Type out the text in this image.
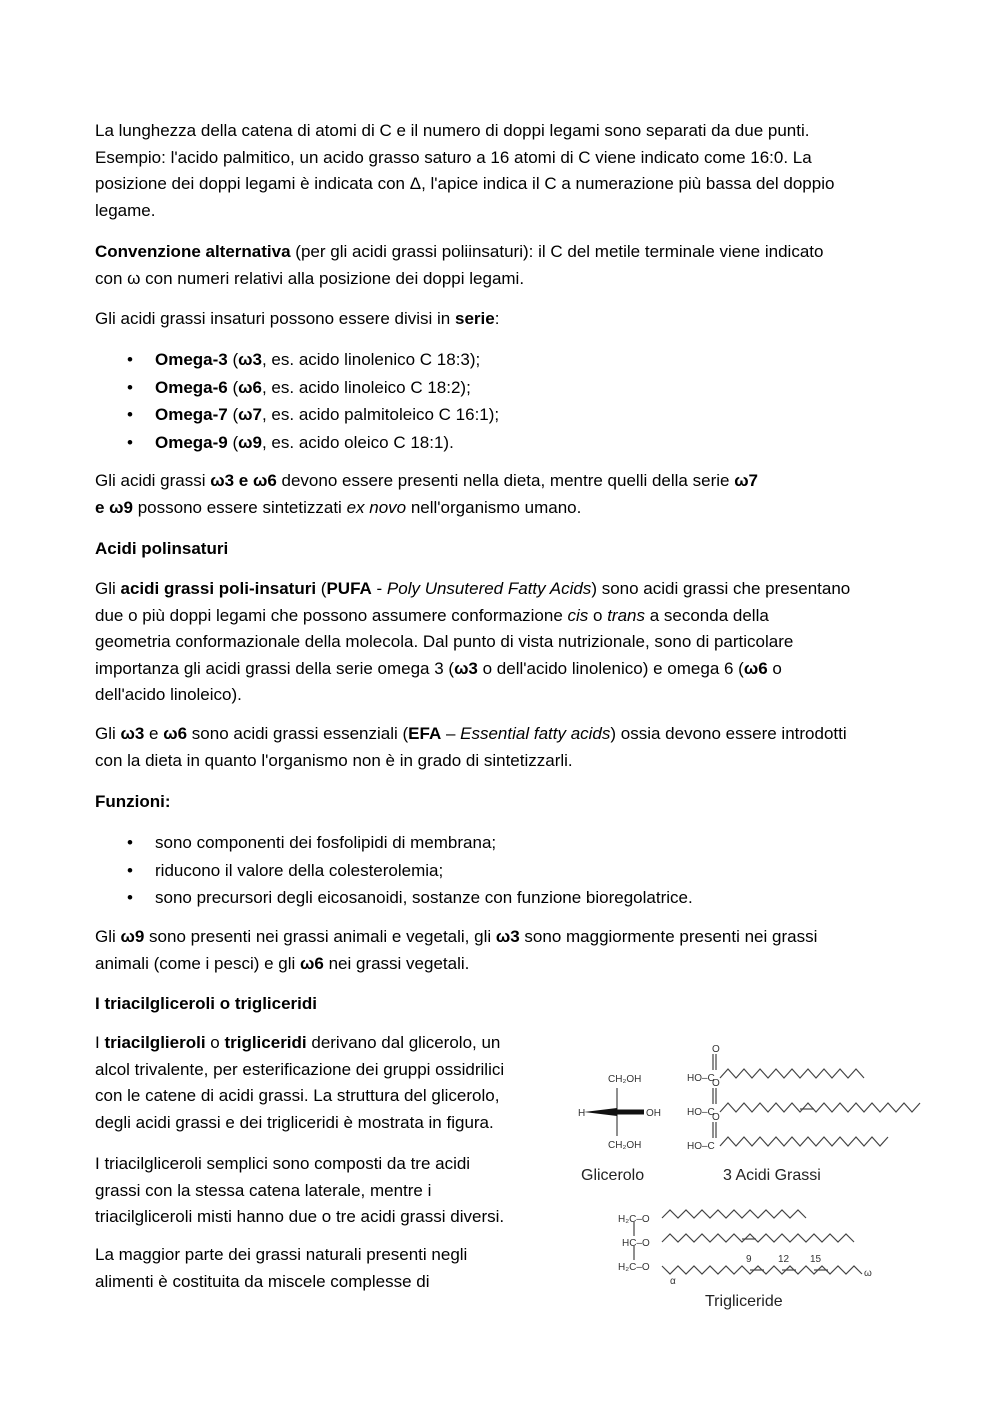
La lunghezza della catena di atomi di C e il numero di doppi legami sono separati da due punti.
Esempio: l'acido palmitico, un acido grasso saturo a 16 atomi di C viene indicato come 16:0. La
posizione dei doppi legami è indicata con Δ, l'apice indica il C a numerazione più bassa del doppio
legame.

Convenzione alternativa (per gli acidi grassi poliinsaturi): il C del metile terminale viene indicato
con ω con numeri relativi alla posizione dei doppi legami.

Gli acidi grassi insaturi possono essere divisi in serie:

• Omega-3 (ω3, es. acido linolenico C 18:3);
• Omega-6 (ω6, es. acido linoleico C 18:2);
• Omega-7 (ω7, es. acido palmitoleico C 16:1);
• Omega-9 (ω9, es. acido oleico C 18:1).

Gli acidi grassi ω3 e ω6 devono essere presenti nella dieta, mentre quelli della serie ω7
e ω9 possono essere sintetizzati ex novo nell'organismo umano.

Acidi polinsaturi

Gli acidi grassi poli-insaturi (PUFA - Poly Unsutered Fatty Acids) sono acidi grassi che presentano
due o più doppi legami che possono assumere conformazione cis o trans a seconda della
geometria conformazionale della molecola. Dal punto di vista nutrizionale, sono di particolare
importanza gli acidi grassi della serie omega 3 (ω3 o dell'acido linolenico) e omega 6 (ω6 o
dell'acido linoleico).

Gli ω3 e ω6 sono acidi grassi essenziali (EFA – Essential fatty acids) ossia devono essere introdotti
con la dieta in quanto l'organismo non è in grado di sintetizzarli.

Funzioni:

• sono componenti dei fosfolipidi di membrana;
• riducono il valore della colesterolemia;
• sono precursori degli eicosanoidi, sostanze con funzione bioregolatrice.

Gli ω9 sono presenti nei grassi animali e vegetali, gli ω3 sono maggiormente presenti nei grassi
animali (come i pesci) e gli ω6 nei grassi vegetali.

I triacilgliceroli o trigliceridi

I triacilglieroli o trigliceridi derivano dal glicerolo, un
alcol trivalente, per esterificazione dei gruppi ossidrilici
con le catene di acidi grassi. La struttura del glicerolo,
degli acidi grassi e dei trigliceridi è mostrata in figura.

I triacilgliceroli semplici sono composti da tre acidi
grassi con la stessa catena laterale, mentre i
triacilgliceroli misti hanno due o tre acidi grassi diversi.

La maggior parte dei grassi naturali presenti negli
alimenti è costituita da miscele complesse di

CH₂OH
H	OH
CH₂OH
O
HO–C
O
HO–C
O
HO–C
H₂C–O
HC–O
H₂C–O
α
ω
9	12 15
Glicerolo	3 Acidi Grassi
Trigliceride
